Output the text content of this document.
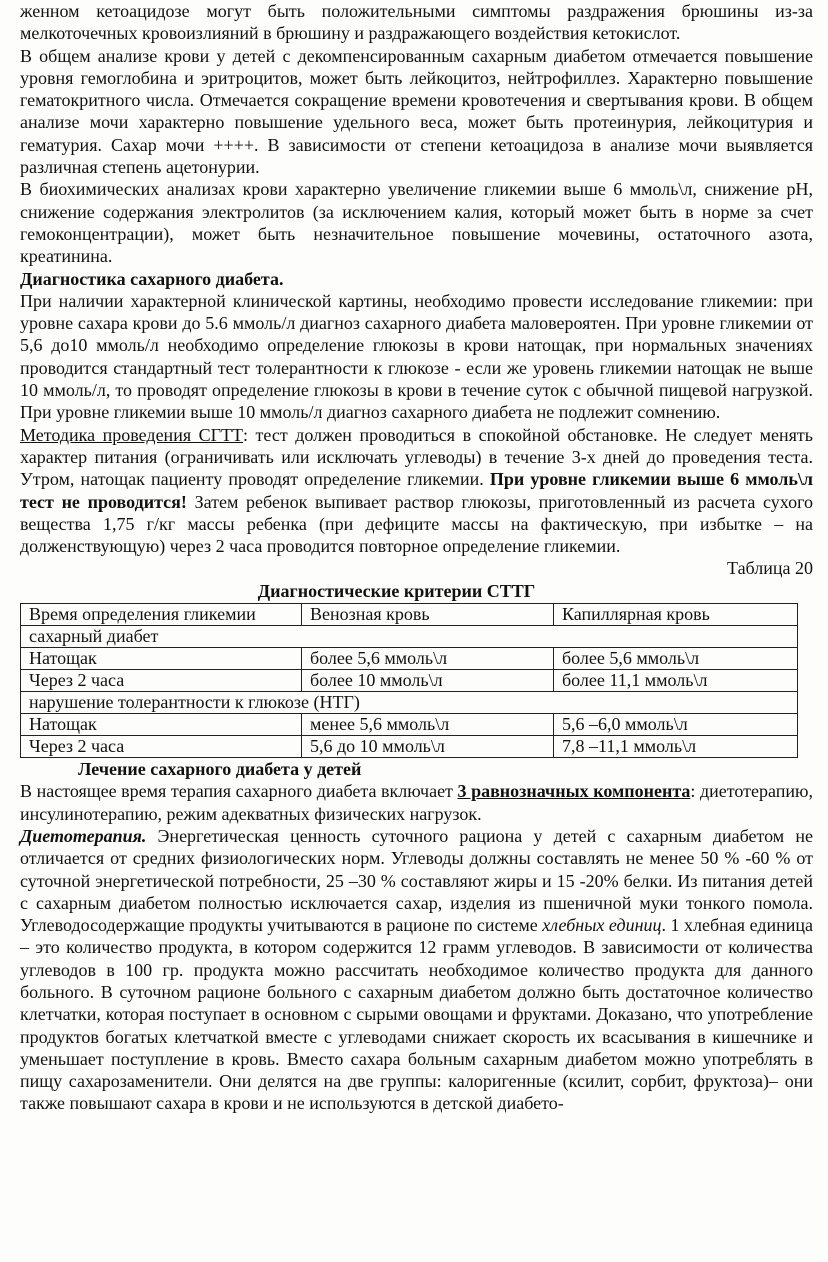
женном кетоацидозе могут быть положительными симптомы раздражения брюшины из-за мелкоточечных кровоизлияний в брюшину и раздражающего воздействия кетокислот.

В общем анализе крови у детей с декомпенсированным сахарным диабетом отмечается повышение уровня гемоглобина и эритроцитов, может быть лейкоцитоз, нейтрофиллез. Характерно повышение гематокритного числа. Отмечается сокращение времени кровотечения и свертывания крови. В общем анализе мочи характерно повышение удельного веса, может быть протеинурия, лейкоцитурия и гематурия. Сахар мочи ++++. В зависимости от степени кетоацидоза в анализе мочи выявляется различная степень ацетонурии.

В биохимических анализах крови характерно увеличение гликемии выше 6 ммоль\л, снижение pH, снижение содержания электролитов (за исключением калия, который может быть в норме за счет гемоконцентрации), может быть незначительное повышение мочевины, остаточного азота, креатинина.

Диагностика сахарного диабета.

При наличии характерной клинической картины, необходимо провести исследование гликемии: при уровне сахара крови до 5.6 ммоль/л диагноз сахарного диабета маловероятен. При уровне гликемии от 5,6 до10 ммоль/л необходимо определение глюкозы в крови натощак, при нормальных значениях проводится стандартный тест толерантности к глюкозе - если же уровень гликемии натощак не выше 10 ммоль/л, то проводят определение глюкозы в крови в течение суток с обычной пищевой нагрузкой. При уровне гликемии выше 10 ммоль/л диагноз сахарного диабета не подлежит сомнению.

Методика проведения СГТТ: тест должен проводиться в спокойной обстановке. Не следует менять характер питания (ограничивать или исключать углеводы) в течение 3-х дней до проведения теста. Утром, натощак пациенту проводят определение гликемии. При уровне гликемии выше 6 ммоль\л тест не проводится! Затем ребенок выпивает раствор глюкозы, приготовленный из расчета сухого вещества 1,75 г/кг массы ребенка (при дефиците массы на фактическую, при избытке – на долженствующую) через 2 часа проводится повторное определение гликемии.

Таблица 20

Диагностические критерии СТТГ

Время определения гликемии	Венозная кровь	Капиллярная кровь
сахарный диабет		
Натощак	более 5,6 ммоль\л	более 5,6 ммоль\л
Через 2 часа	более 10 ммоль\л	более 11,1 ммоль\л
нарушение толерантности к глюкозе (НТГ)		
Натощак	менее 5,6 ммоль\л	5,6 –6,0 ммоль\л
Через 2 часа	5,6 до 10 ммоль\л	7,8 –11,1 ммоль\л

Лечение сахарного диабета у детей

В настоящее время терапия сахарного диабета включает 3 равнозначных компонента: диетотерапию, инсулинотерапию, режим адекватных физических нагрузок.

Диетотерапия. Энергетическая ценность суточного рациона у детей с сахарным диабетом не отличается от средних физиологических норм. Углеводы должны составлять не менее 50 % -60 % от суточной энергетической потребности, 25 –30 % составляют жиры и 15 -20% белки. Из питания детей с сахарным диабетом полностью исключается сахар, изделия из пшеничной муки тонкого помола. Углеводосодержащие продукты учитываются в рационе по системе хлебных единиц. 1 хлебная единица – это количество продукта, в котором содержится 12 грамм углеводов. В зависимости от количества углеводов в 100 гр. продукта можно рассчитать необходимое количество продукта для данного больного. В суточном рационе больного с сахарным диабетом должно быть достаточное количество клетчатки, которая поступает в основном с сырыми овощами и фруктами. Доказано, что употребление продуктов богатых клетчаткой вместе с углеводами снижает скорость их всасывания в кишечнике и уменьшает поступление в кровь. Вместо сахара больным сахарным диабетом можно употреблять в пищу сахарозаменители. Они делятся на две группы: калоригенные (ксилит, сорбит, фруктоза)– они также повышают сахара в крови и не используются в детской диабето-
